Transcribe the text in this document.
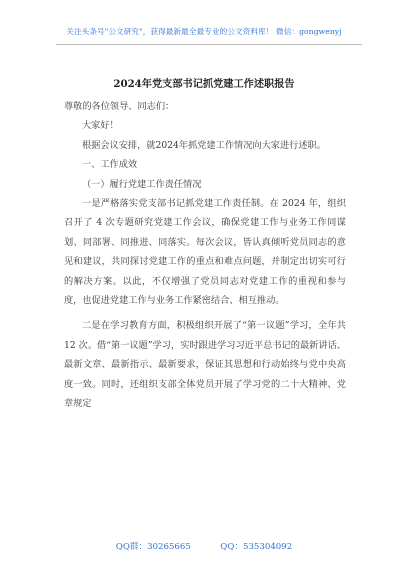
关注头条号"公文研究"，获得最新最全最专业的公文资料库！ 微信：gongwenyj
2024年党支部书记抓党建工作述职报告

尊敬的各位领导、同志们：

大家好！

根据会议安排，就2024年抓党建工作情况向大家进行述职。

一、工作成效

（一）履行党建工作责任情况

一是严格落实党支部书记抓党建工作责任制。在 2024 年，组织召开了 4 次专题研究党建工作会议，确保党建工作与业务工作同谋划、同部署、同推进、同落实。每次会议，皆认真倾听党员同志的意见和建议，共同探讨党建工作的重点和难点问题，并制定出切实可行的解决方案。以此，不仅增强了党员同志对党建工作的重视和参与度，也促进党建工作与业务工作紧密结合、相互推动。

二是在学习教育方面，积极组织开展了“第一议题”学习，全年共 12 次。借“第一议题”学习，实时跟进学习习近平总书记的最新讲话、最新文章、最新指示、最新要求，保证其思想和行动始终与党中央高度一致。同时，还组织支部全体党员开展了学习党的二十大精神、党章规定

QQ群：30265665	QQ：535304092
